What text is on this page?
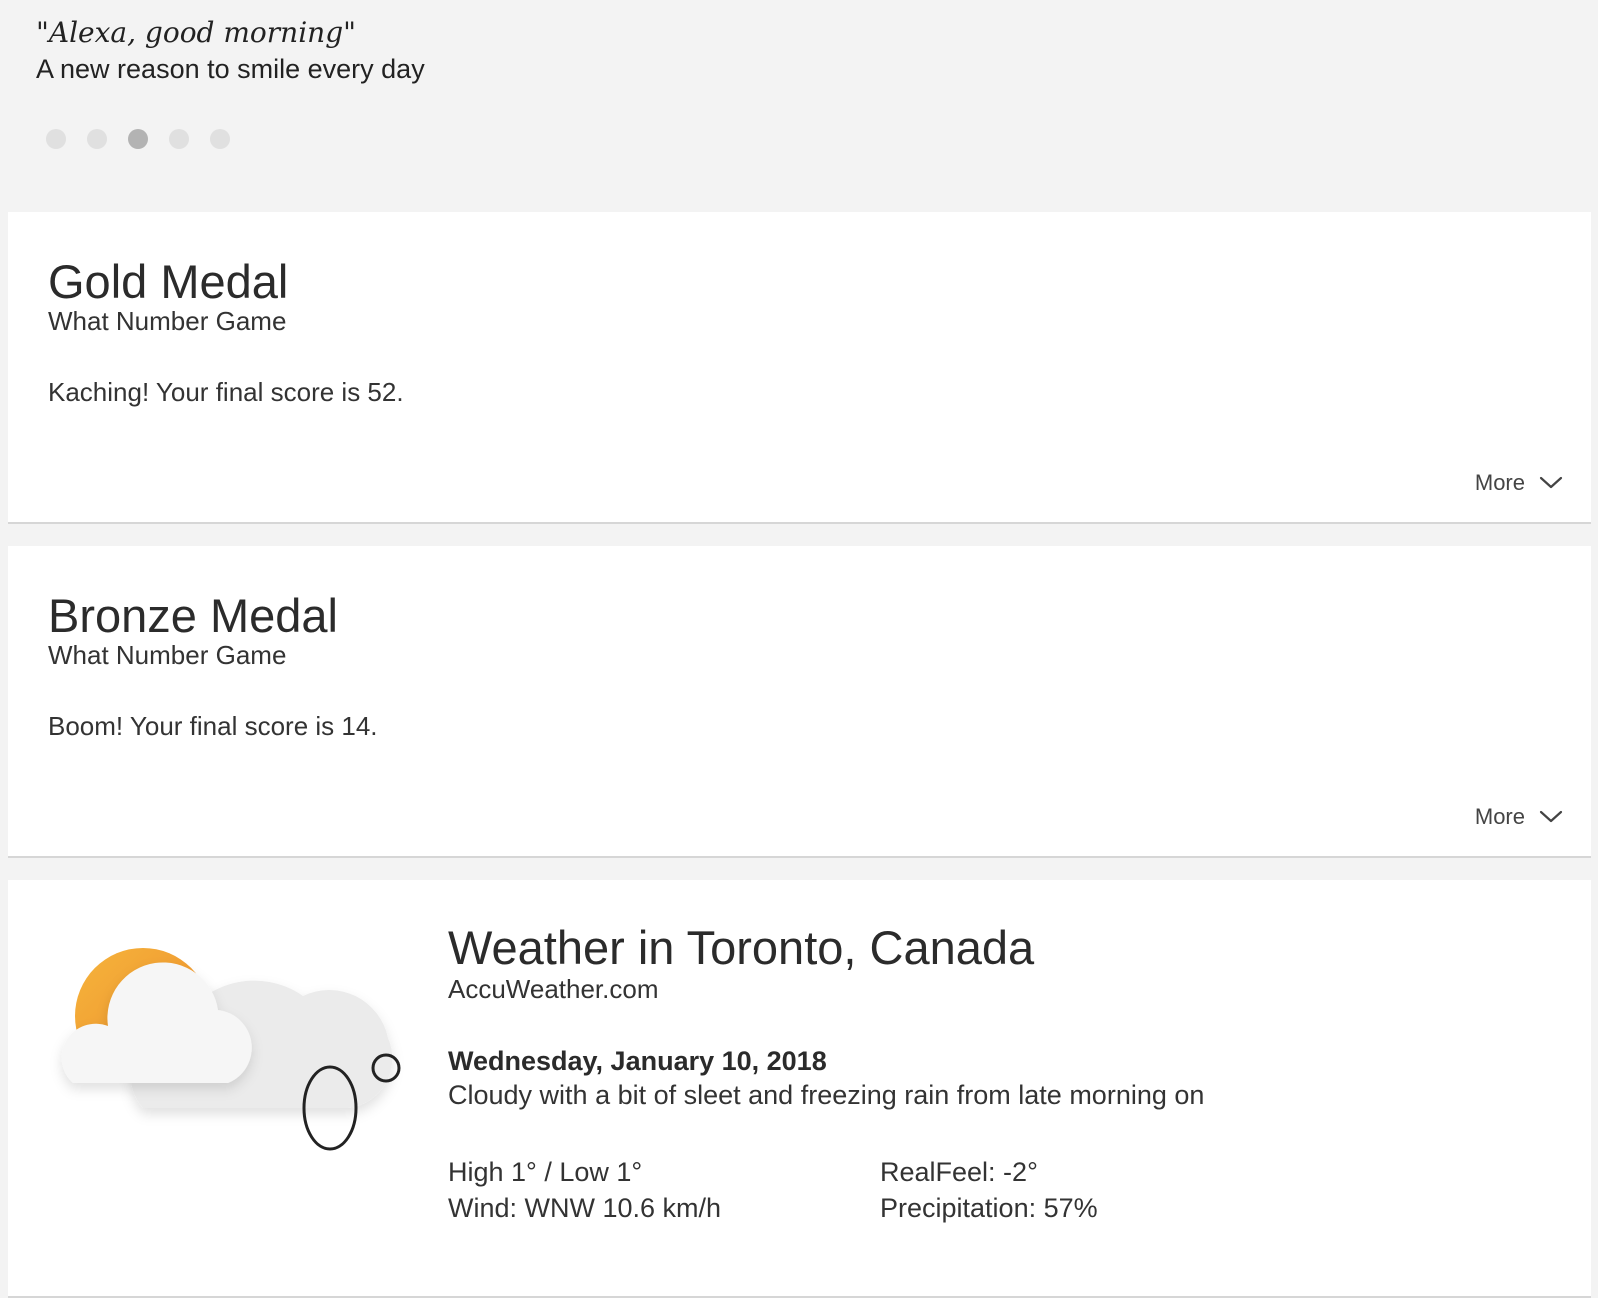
"Alexa, good morning"
A new reason to smile every day
Gold Medal
What Number Game
Kaching! Your final score is 52.
More
Bronze Medal
What Number Game
Boom! Your final score is 14.
More
Weather in Toronto, Canada
AccuWeather.com
Wednesday, January 10, 2018
Cloudy with a bit of sleet and freezing rain from late morning on
High 1° / Low 1°
Wind: WNW 10.6 km/h
RealFeel: -2°
Precipitation: 57%
